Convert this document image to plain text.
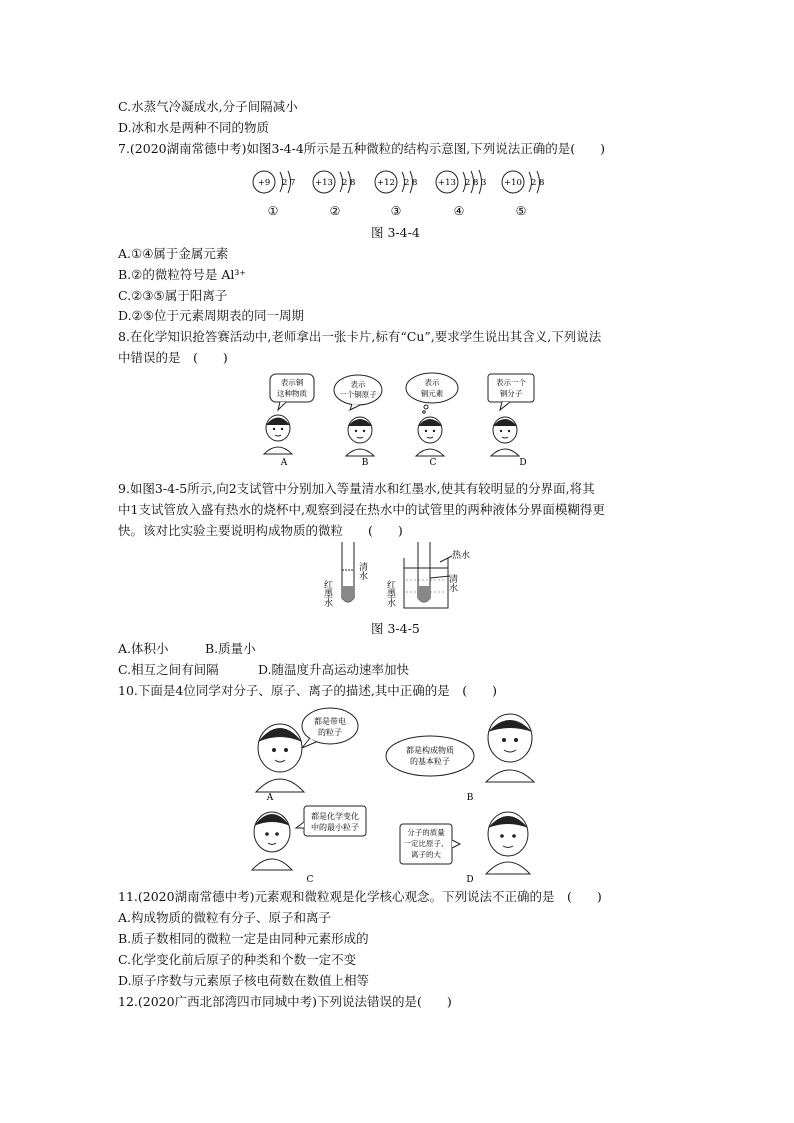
C.水蒸气冷凝成水,分子间隔减小
D.冰和水是两种不同的物质
7.(2020湖南常德中考)如图3-4-4所示是五种微粒的结构示意图,下列说法正确的是(　　)
+9 2 7 +13 2 8	+12 2 8 +13 2 8 3 +10 2 8
①	②	③	④	⑤
图 3-4-4
A.①④属于金属元素
B.②的微粒符号是 Al³⁺
C.②③⑤属于阳离子
D.②⑤位于元素周期表的同一周期
8.在化学知识抢答赛活动中,老师拿出一张卡片,标有“Cu”,要求学生说出其含义,下列说法
中错误的是　(　　)
表示铜
这种物质
A
表示
一个铜原子
B
表示
铜元素
C
表示一个
铜分子
D
9.如图3-4-5所示,向2支试管中分别加入等量清水和红墨水,使其有较明显的分界面,将其
中1支试管放入盛有热水的烧杯中,观察到浸在热水中的试管里的两种液体分界面模糊得更
快。该对比实验主要说明构成物质的微粒　　(　　)
红墨水
清水
热水
红墨水	清水
图 3-4-5
A.体积小	B.质量小
C.相互之间有间隔	D.随温度升高运动速率加快
10.下面是4位同学对分子、原子、离子的描述,其中正确的是　(　　)
都是带电
的粒子
A
都是构成物质
的基本粒子
B
都是化学变化
中的最小粒子
C
分子的质量
一定比原子、
离子的大
D
11.(2020湖南常德中考)元素观和微粒观是化学核心观念。下列说法不正确的是　(　　)
A.构成物质的微粒有分子、原子和离子
B.质子数相同的微粒一定是由同种元素形成的
C.化学变化前后原子的种类和个数一定不变
D.原子序数与元素原子核电荷数在数值上相等
12.(2020广西北部湾四市同城中考)下列说法错误的是(　　)
